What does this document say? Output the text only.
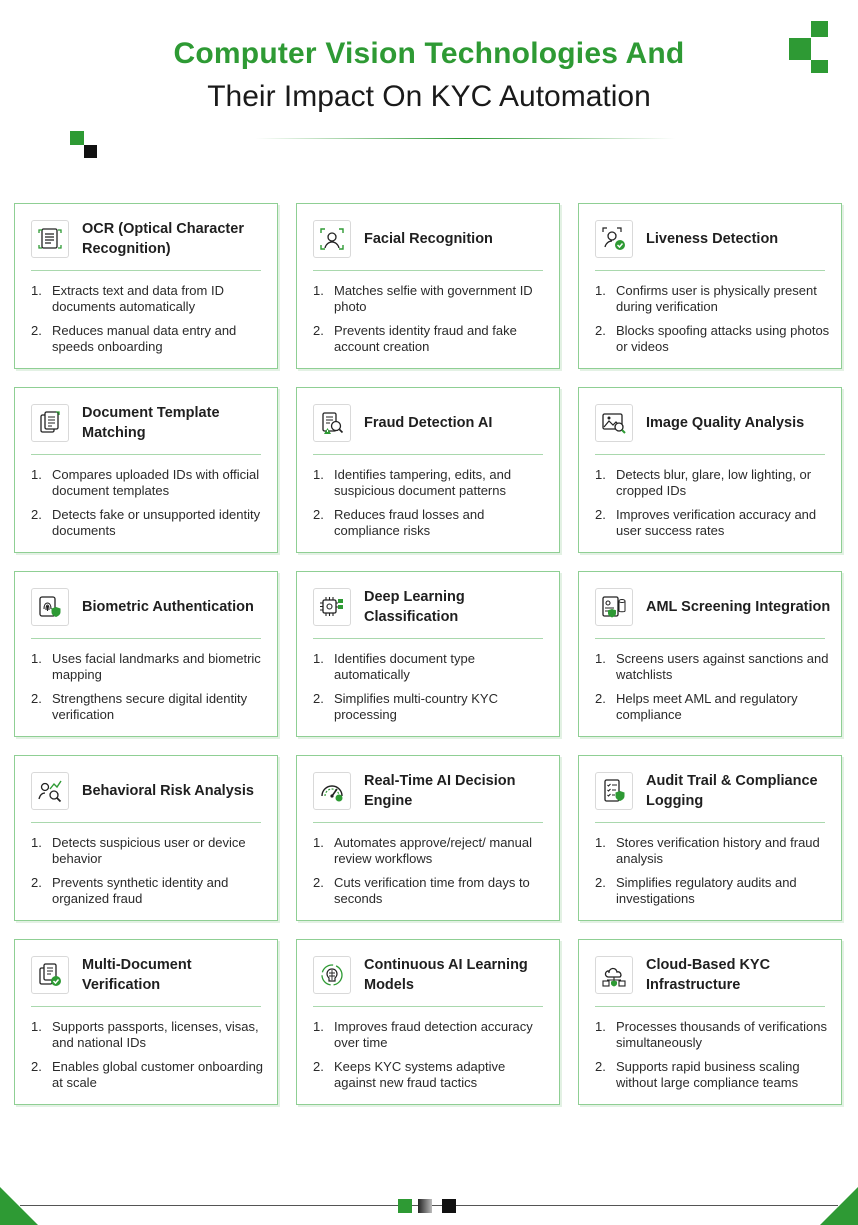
Computer Vision Technologies And
Their Impact On KYC Automation
OCR (Optical Character Recognition)
1. Extracts text and data from ID documents automatically
2. Reduces manual data entry and speeds onboarding
Facial Recognition
1. Matches selfie with government ID photo
2. Prevents identity fraud and fake account creation
Liveness Detection
1. Confirms user is physically present during verification
2. Blocks spoofing attacks using photos or videos
Document Template Matching
1. Compares uploaded IDs with official document templates
2. Detects fake or unsupported identity documents
Fraud Detection AI
1. Identifies tampering, edits, and suspicious document patterns
2. Reduces fraud losses and compliance risks
Image Quality Analysis
1. Detects blur, glare, low lighting, or cropped IDs
2. Improves verification accuracy and user success rates
Biometric Authentication
1. Uses facial landmarks and biometric mapping
2. Strengthens secure digital identity verification
Deep Learning Classification
1. Identifies document type automatically
2. Simplifies multi-country KYC processing
AML Screening Integration
1. Screens users against sanctions and watchlists
2. Helps meet AML and regulatory compliance
Behavioral Risk Analysis
1. Detects suspicious user or device behavior
2. Prevents synthetic identity and organized fraud
Real-Time AI Decision Engine
1. Automates approve/reject/ manual review workflows
2. Cuts verification time from days to seconds
Audit Trail & Compliance Logging
1. Stores verification history and fraud analysis
2. Simplifies regulatory audits and investigations
Multi-Document Verification
1. Supports passports, licenses, visas, and national IDs
2. Enables global customer onboarding at scale
Continuous AI Learning Models
1. Improves fraud detection accuracy over time
2. Keeps KYC systems adaptive against new fraud tactics
Cloud-Based KYC Infrastructure
1. Processes thousands of verifications simultaneously
2. Supports rapid business scaling without large compliance teams
